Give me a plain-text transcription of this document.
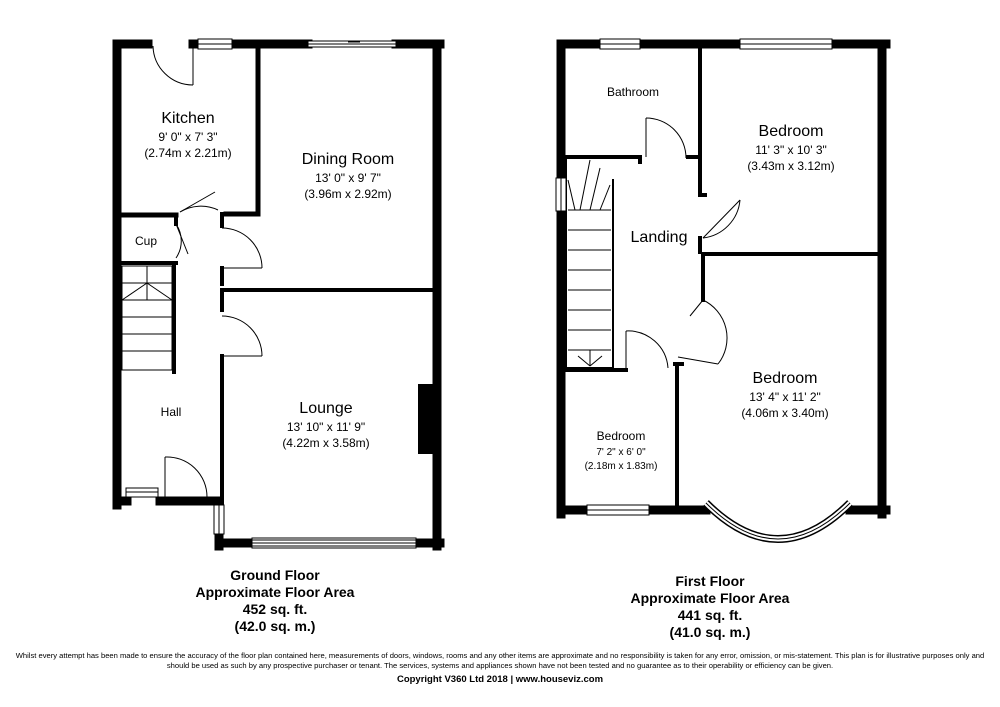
Kitchen
9' 0" x 7' 3"
(2.74m x 2.21m)	Dining Room
13' 0" x 9' 7"
(3.96m x 2.92m)
Cup
Hall	Lounge
13' 10" x 11' 9"
(4.22m x 3.58m)
Bathroom
Bedroom
11' 3" x 10' 3"
(3.43m x 3.12m)
Landing
Bedroom
13' 4" x 11' 2"
(4.06m x 3.40m)
Bedroom
7' 2" x 6' 0"
(2.18m x 1.83m)
Ground Floor
Approximate Floor Area
452 sq. ft.
(42.0 sq. m.)
First Floor
Approximate Floor Area
441 sq. ft.
(41.0 sq. m.)
Whilst every attempt has been made to ensure the accuracy of the floor plan contained here, measurements of doors, windows, rooms and any other items are approximate and no responsibility is taken for any error, omission, or mis-statement. This plan is for illustrative purposes only and should be used as such by any prospective purchaser or tenant. The services, systems and appliances shown have not been tested and no guarantee as to their operability or efficiency can be given.
Copyright V360 Ltd 2018 | www.houseviz.com
